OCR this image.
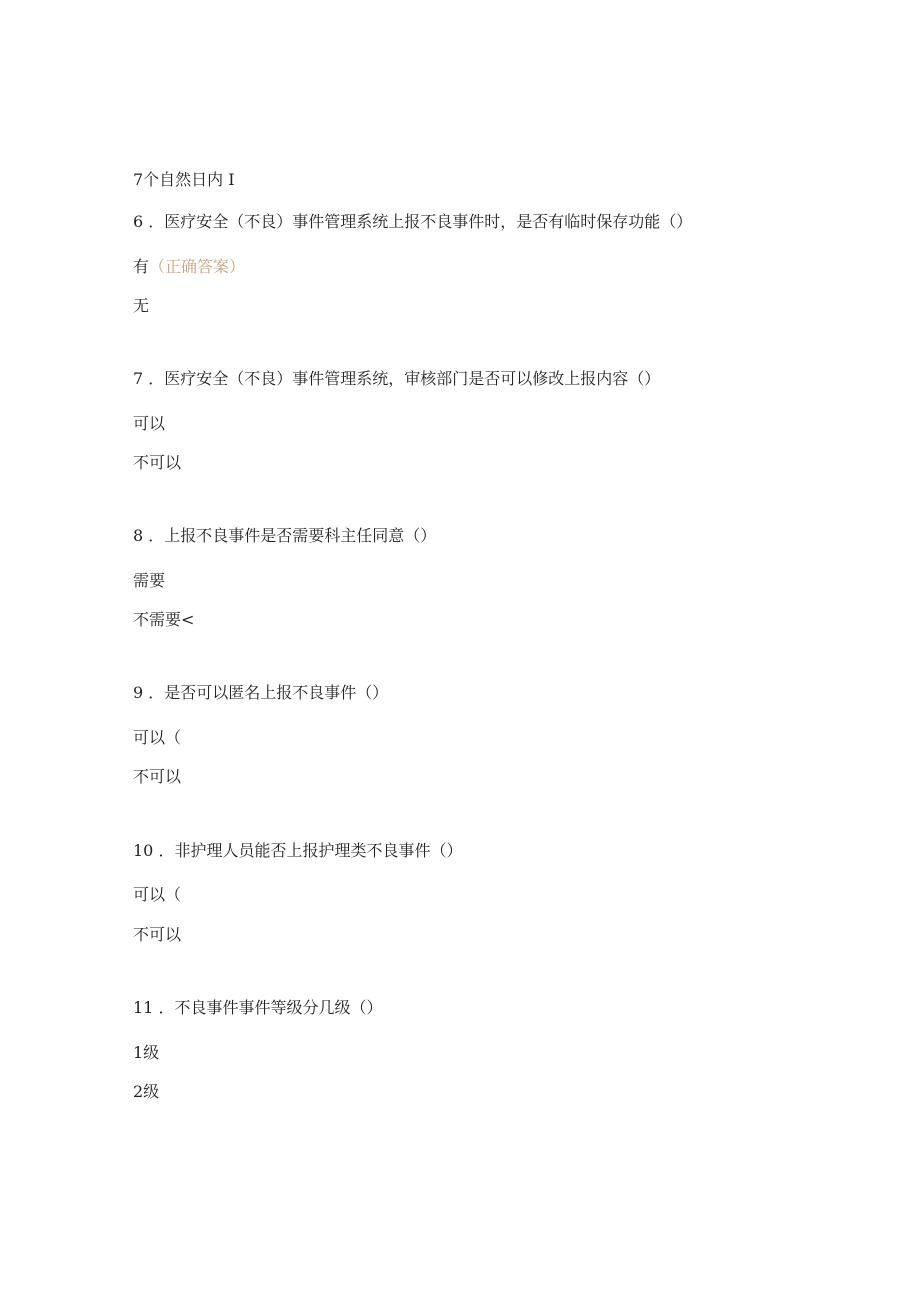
7个自然日内 I
6 ．医疗安全（不良）事件管理系统上报不良事件时，是否有临时保存功能（）
有（正确答案）
无
7 ．医疗安全（不良）事件管理系统，审核部门是否可以修改上报内容（）
可以
不可以
8 ．上报不良事件是否需要科主任同意（）
需要
不需要<
9 ．是否可以匿名上报不良事件（）
可以（
不可以
10 ．非护理人员能否上报护理类不良事件（）
可以（
不可以
11 ．不良事件事件等级分几级（）
1级
2级
